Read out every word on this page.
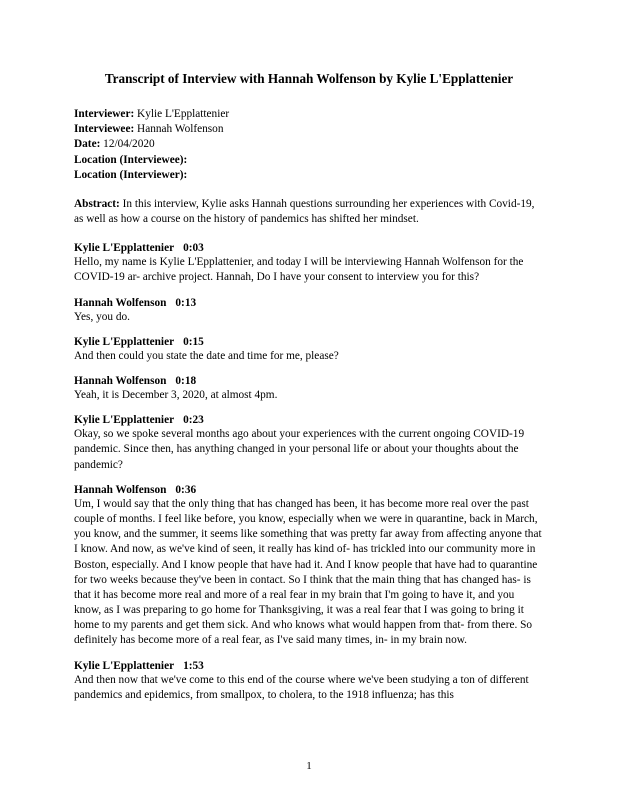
Transcript of Interview with Hannah Wolfenson by Kylie L'Epplattenier

Interviewer: Kylie L'Epplattenier

Interviewee: Hannah Wolfenson

Date: 12/04/2020

Location (Interviewee):

Location (Interviewer):

Abstract: In this interview, Kylie asks Hannah questions surrounding her experiences with Covid-19, as well as how a course on the history of pandemics has shifted her mindset.

Kylie L'Epplattenier 0:03

Hello, my name is Kylie L'Epplattenier, and today I will be interviewing Hannah Wolfenson for the COVID-19 ar- archive project. Hannah, Do I have your consent to interview you for this?

Hannah Wolfenson 0:13

Yes, you do.

Kylie L'Epplattenier 0:15

And then could you state the date and time for me, please?

Hannah Wolfenson 0:18

Yeah, it is December 3, 2020, at almost 4pm.

Kylie L'Epplattenier 0:23

Okay, so we spoke several months ago about your experiences with the current ongoing COVID-19 pandemic. Since then, has anything changed in your personal life or about your thoughts about the pandemic?

Hannah Wolfenson 0:36

Um, I would say that the only thing that has changed has been, it has become more real over the past couple of months. I feel like before, you know, especially when we were in quarantine, back in March, you know, and the summer, it seems like something that was pretty far away from affecting anyone that I know. And now, as we've kind of seen, it really has kind of- has trickled into our community more in Boston, especially. And I know people that have had it. And I know people that have had to quarantine for two weeks because they've been in contact. So I think that the main thing that has changed has- is that it has become more real and more of a real fear in my brain that I'm going to have it, and you know, as I was preparing to go home for Thanksgiving, it was a real fear that I was going to bring it home to my parents and get them sick. And who knows what would happen from that- from there. So definitely has become more of a real fear, as I've said many times, in- in my brain now.

Kylie L'Epplattenier 1:53

And then now that we've come to this end of the course where we've been studying a ton of different pandemics and epidemics, from smallpox, to cholera, to the 1918 influenza; has this

1
